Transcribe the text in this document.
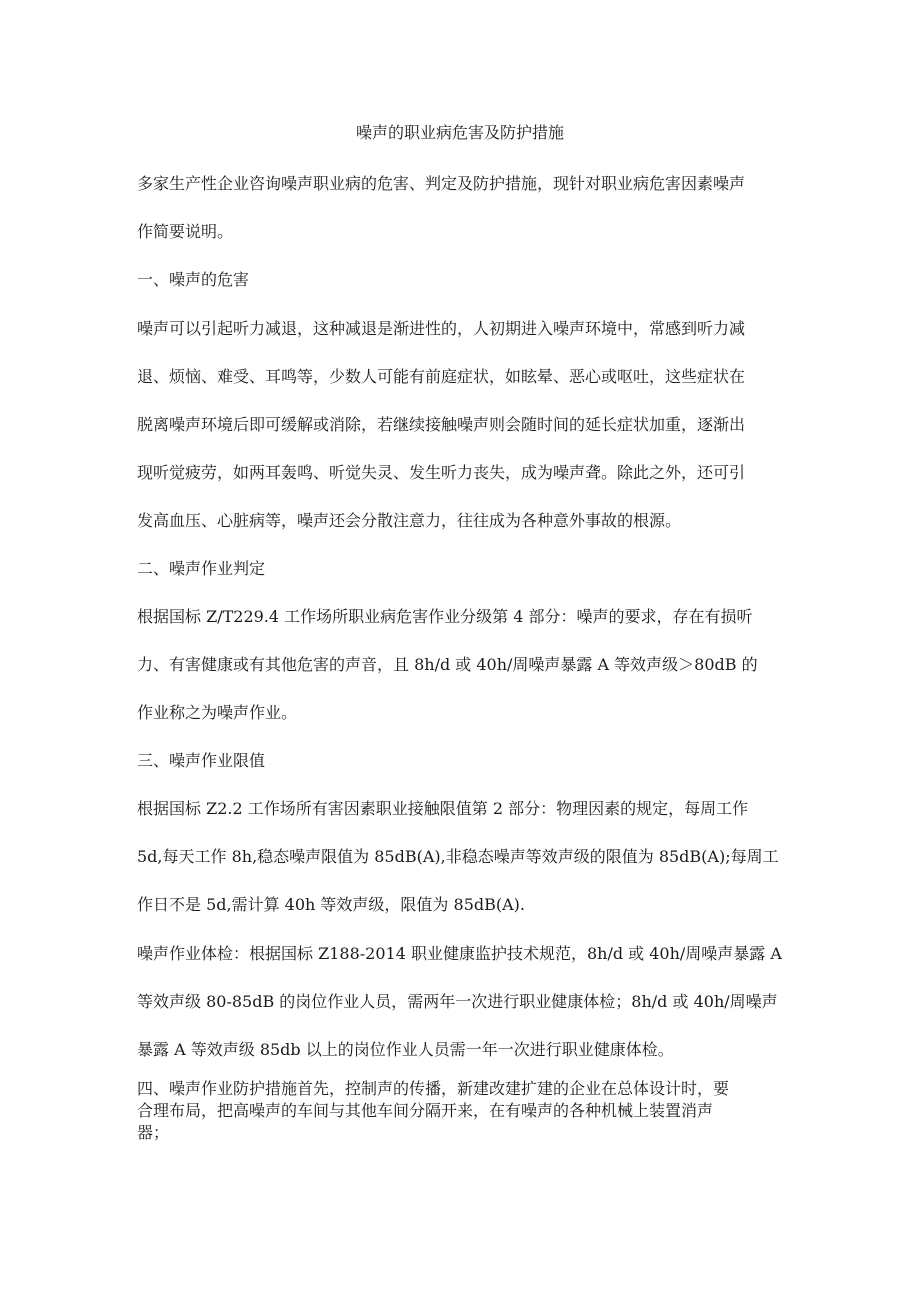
噪声的职业病危害及防护措施
多家生产性企业咨询噪声职业病的危害、判定及防护措施，现针对职业病危害因素噪声
作简要说明。
一、噪声的危害
噪声可以引起听力减退，这种减退是渐进性的，人初期进入噪声环境中，常感到听力减
退、烦恼、难受、耳鸣等，少数人可能有前庭症状，如眩晕、恶心或呕吐，这些症状在
脱离噪声环境后即可缓解或消除，若继续接触噪声则会随时间的延长症状加重，逐渐出
现听觉疲劳，如两耳轰鸣、听觉失灵、发生听力丧失，成为噪声聋。除此之外，还可引
发高血压、心脏病等，噪声还会分散注意力，往往成为各种意外事故的根源。
二、噪声作业判定
根据国标 Z/T229.4 工作场所职业病危害作业分级第 4 部分：噪声的要求，存在有损听
力、有害健康或有其他危害的声音，且 8h∕d 或 40h∕周噪声暴露 A 等效声级＞80dB 的
作业称之为噪声作业。
三、噪声作业限值
根据国标 Z2.2 工作场所有害因素职业接触限值第 2 部分：物理因素的规定，每周工作
5d,每天工作 8h,稳态噪声限值为 85dB(A),非稳态噪声等效声级的限值为 85dB(A);每周工
作日不是 5d,需计算 40h 等效声级，限值为 85dB(A).
噪声作业体检：根据国标 Z188-2014 职业健康监护技术规范，8h∕d 或 40h∕周噪声暴露 A
等效声级 80-85dB 的岗位作业人员，需两年一次进行职业健康体检；8h∕d 或 40h∕周噪声
暴露 A 等效声级 85db 以上的岗位作业人员需一年一次进行职业健康体检。
四、噪声作业防护措施首先，控制声的传播，新建改建扩建的企业在总体设计时，要
合理布局，把高噪声的车间与其他车间分隔开来，在有噪声的各种机械上装置消声
器；
